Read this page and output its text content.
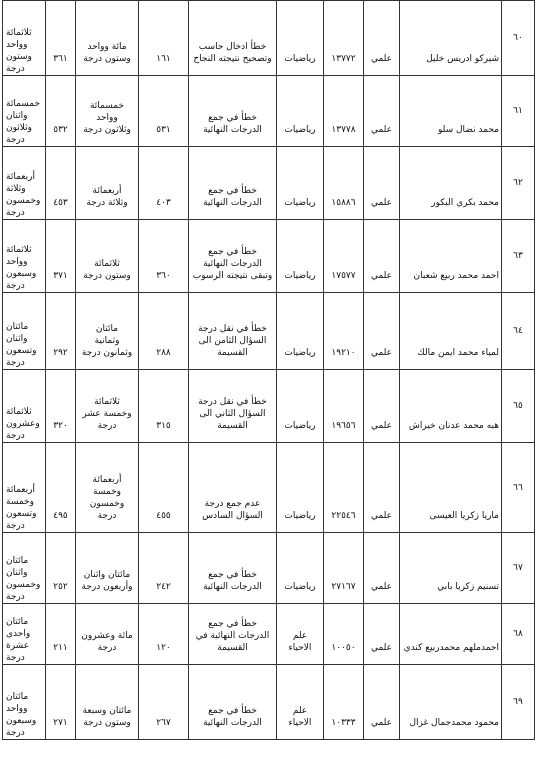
ثلاثمائة
وواحد
وستون
درجة	٣٦١	مائة وواحد
وستون درجة	١٦١	خطأ ادخال حاسب وتصحيح نتيجته النجاح	رياضيات	١٣٧٧٢	علمي	شيركو ادريس خليل	٦٠
خمسمائة
واثنان
وثلاثون
درجة	٥٣٢	خمسمائة
وواحد
وثلاثون درجة	٥٣١	خطأ في جمع
الدرجات النهائية	رياضيات	١٣٧٧٨	علمي	محمد نضال سلو	٦١
أربعمائة
وثلاثة
وخمسون
درجة	٤٥٣	أربعمائة
وثلاثة درجة	٤٠٣	خطأ في جمع
الدرجات النهائية	رياضيات	١٥٨٨٦	علمي	محمد بكري البكور	٦٢
ثلاثمائة
وواحد
وسبعون
درجة	٣٧١	ثلاثمائة
وستون درجة	٣٦٠	خطأ في جمع
الدرجات النهائية
وتبقى نتيجته الرسوب	رياضيات	١٧٥٧٧	علمي	احمد محمد ربيع شعبان	٦٣
مائتان
واثنان
وتسعون
درجة	٢٩٢	مائتان
وثمانية
وثمانون درجة	٢٨٨	خطأ في نقل درجة
السؤال الثامن الى
القسيمة	رياضيات	١٩٢١٠	علمي	لمياء محمد ايمن مالك	٦٤
ثلاثمائة
وعشرون
درجة	٣٢٠	ثلاثمائة
وخمسة عشر
درجة	٣١٥	خطأ في نقل درجة
السؤال الثاني الى
القسيمة	رياضيات	١٩٦٥٦	علمي	هبه محمد عدنان خيراش	٦٥
أربعمائة
وخمسة
وتسعون
درجة	٤٩٥	أربعمائة
وخمسة
وخمسون
درجة	٤٥٥	عدم جمع درجة
السؤال السادس	رياضيات	٢٢٥٤٦	علمي	ماريا زكريا العيسى	٦٦
مائتان
واثنان
وخمسون
درجة	٢٥٢	مائتان واثنان
وأربعون درجة	٢٤٢	خطأ في جمع
الدرجات النهائية	رياضيات	٢٧١٦٧	علمي	تسنيم زكريا بابي	٦٧
مائتان
واحدى
عشرة درجة	٢١١	مائة وعشرون
درجة	١٢٠	خطأ في جمع
الدرجات النهائية في
القسيمة	علم
الاحياء	١٠٠٥٠	علمي	احمدملهم محمدربيع كندي	٦٨
مائتان
وواحد
وسبعون
درجة	٢٧١	مائتان وسبعة
وستون درجة	٢٦٧	خطأ في جمع
الدرجات النهائية	علم
الاحياء	١٠٣٣٣	علمي	محمود محمدجمال غزال	٦٩
